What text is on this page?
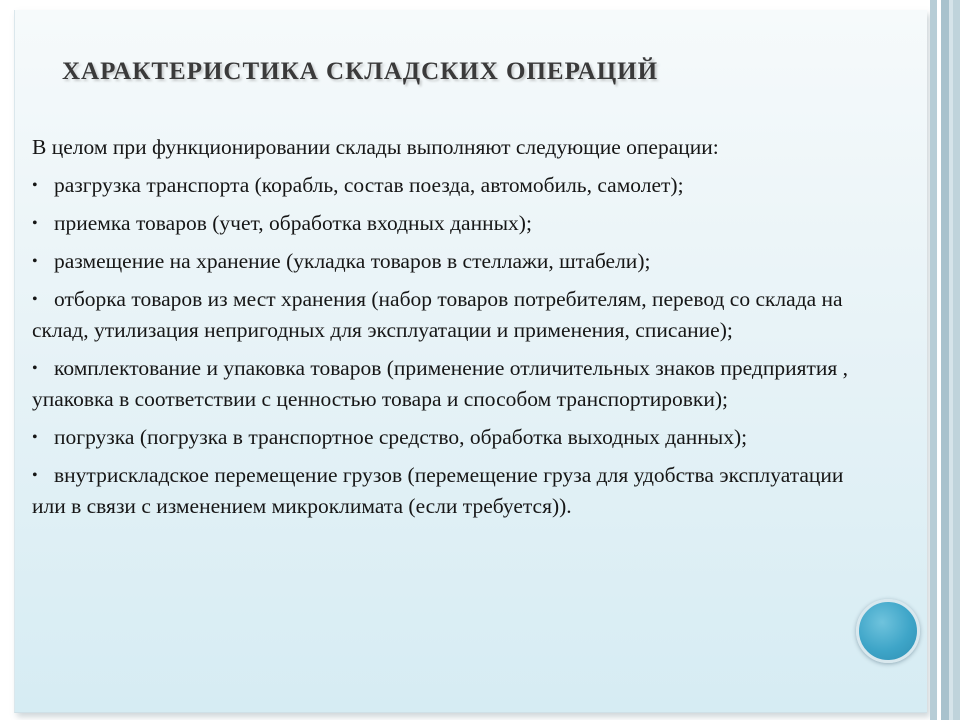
ХАРАКТЕРИСТИКА СКЛАДСКИХ ОПЕРАЦИЙ

В целом при функционировании склады выполняют следующие операции:

• разгрузка транспорта (корабль, состав поезда, автомобиль, самолет);
• приемка товаров (учет, обработка входных данных);
• размещение на хранение (укладка товаров в стеллажи, штабели);
• отборка товаров из мест хранения (набор товаров потребителям, перевод со склада на склад, утилизация непригодных для эксплуатации и применения, списание);
• комплектование и упаковка товаров (применение отличительных знаков предприятия , упаковка в соответствии с ценностью товара и способом транспортировки);
• погрузка (погрузка в транспортное средство, обработка выходных данных);
• внутрискладское перемещение грузов (перемещение груза для удобства эксплуатации или в связи с изменением микроклимата (если требуется)).
